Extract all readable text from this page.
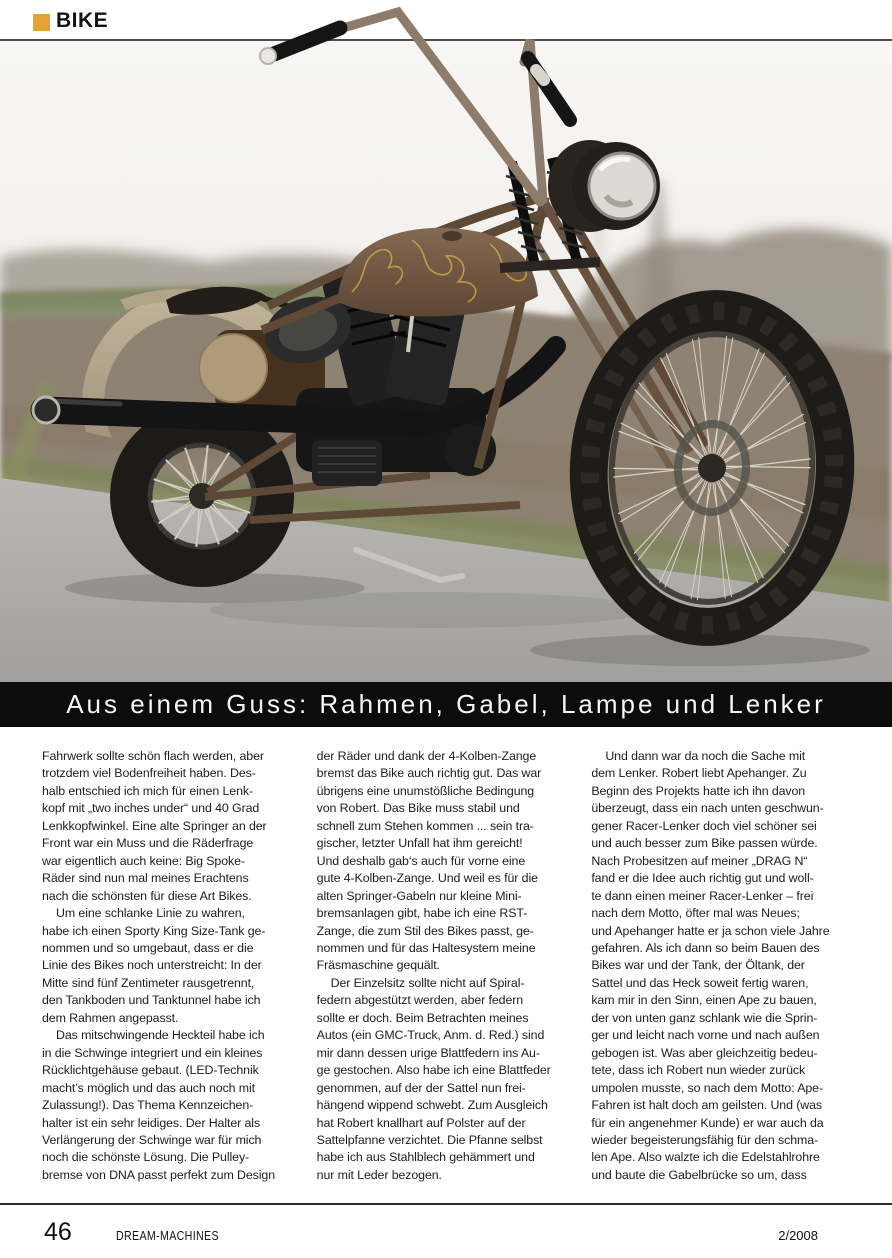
BIKE
Aus einem Guss: Rahmen, Gabel, Lampe und Lenker

Fahrwerk sollte schön flach werden, aber
trotzdem viel Bodenfreiheit haben. Des-
halb entschied ich mich für einen Lenk-
kopf mit „two inches under“ und 40 Grad
Lenkkopfwinkel. Eine alte Springer an der
Front war ein Muss und die Räderfrage
war eigentlich auch keine: Big Spoke-
Räder sind nun mal meines Erachtens
nach die schönsten für diese Art Bikes.

Um eine schlanke Linie zu wahren,
habe ich einen Sporty King Size-Tank ge-
nommen und so umgebaut, dass er die
Linie des Bikes noch unterstreicht: In der
Mitte sind fünf Zentimeter rausgetrennt,
den Tankboden und Tanktunnel habe ich
dem Rahmen angepasst.

Das mitschwingende Heckteil habe ich
in die Schwinge integriert und ein kleines
Rücklichtgehäuse gebaut. (LED-Technik
macht’s möglich und das auch noch mit
Zulassung!). Das Thema Kennzeichen-
halter ist ein sehr leidiges. Der Halter als
Verlängerung der Schwinge war für mich
noch die schönste Lösung. Die Pulley-
bremse von DNA passt perfekt zum Design

der Räder und dank der 4-Kolben-Zange
bremst das Bike auch richtig gut. Das war
übrigens eine unumstößliche Bedingung
von Robert. Das Bike muss stabil und
schnell zum Stehen kommen ... sein tra-
gischer, letzter Unfall hat ihm gereicht!
Und deshalb gab‘s auch für vorne eine
gute 4-Kolben-Zange. Und weil es für die
alten Springer-Gabeln nur kleine Mini-
bremsanlagen gibt, habe ich eine RST-
Zange, die zum Stil des Bikes passt, ge-
nommen und für das Haltesystem meine
Fräsmaschine gequält.

Der Einzelsitz sollte nicht auf Spiral-
federn abgestützt werden, aber federn
sollte er doch. Beim Betrachten meines
Autos (ein GMC-Truck, Anm. d. Red.) sind
mir dann dessen urige Blattfedern ins Au-
ge gestochen. Also habe ich eine Blattfeder
genommen, auf der der Sattel nun frei-
hängend wippend schwebt. Zum Ausgleich
hat Robert knallhart auf Polster auf der
Sattelpfanne verzichtet. Die Pfanne selbst
habe ich aus Stahlblech gehämmert und
nur mit Leder bezogen.

Und dann war da noch die Sache mit
dem Lenker. Robert liebt Apehanger. Zu
Beginn des Projekts hatte ich ihn davon
überzeugt, dass ein nach unten geschwun-
gener Racer-Lenker doch viel schöner sei
und auch besser zum Bike passen würde.
Nach Probesitzen auf meiner „DRAG N“
fand er die Idee auch richtig gut und woll-
te dann einen meiner Racer-Lenker – frei
nach dem Motto, öfter mal was Neues;
und Apehanger hatte er ja schon viele Jahre
gefahren. Als ich dann so beim Bauen des
Bikes war und der Tank, der Öltank, der
Sattel und das Heck soweit fertig waren,
kam mir in den Sinn, einen Ape zu bauen,
der von unten ganz schlank wie die Sprin-
ger und leicht nach vorne und nach außen
gebogen ist. Was aber gleichzeitig bedeu-
tete, dass ich Robert nun wieder zurück
umpolen musste, so nach dem Motto: Ape-
Fahren ist halt doch am geilsten. Und (was
für ein angenehmer Kunde) er war auch da
wieder begeisterungsfähig für den schma-
len Ape. Also walzte ich die Edelstahlrohre
und baute die Gabelbrücke so um, dass

46	DREAM-MACHINES	2/2008
